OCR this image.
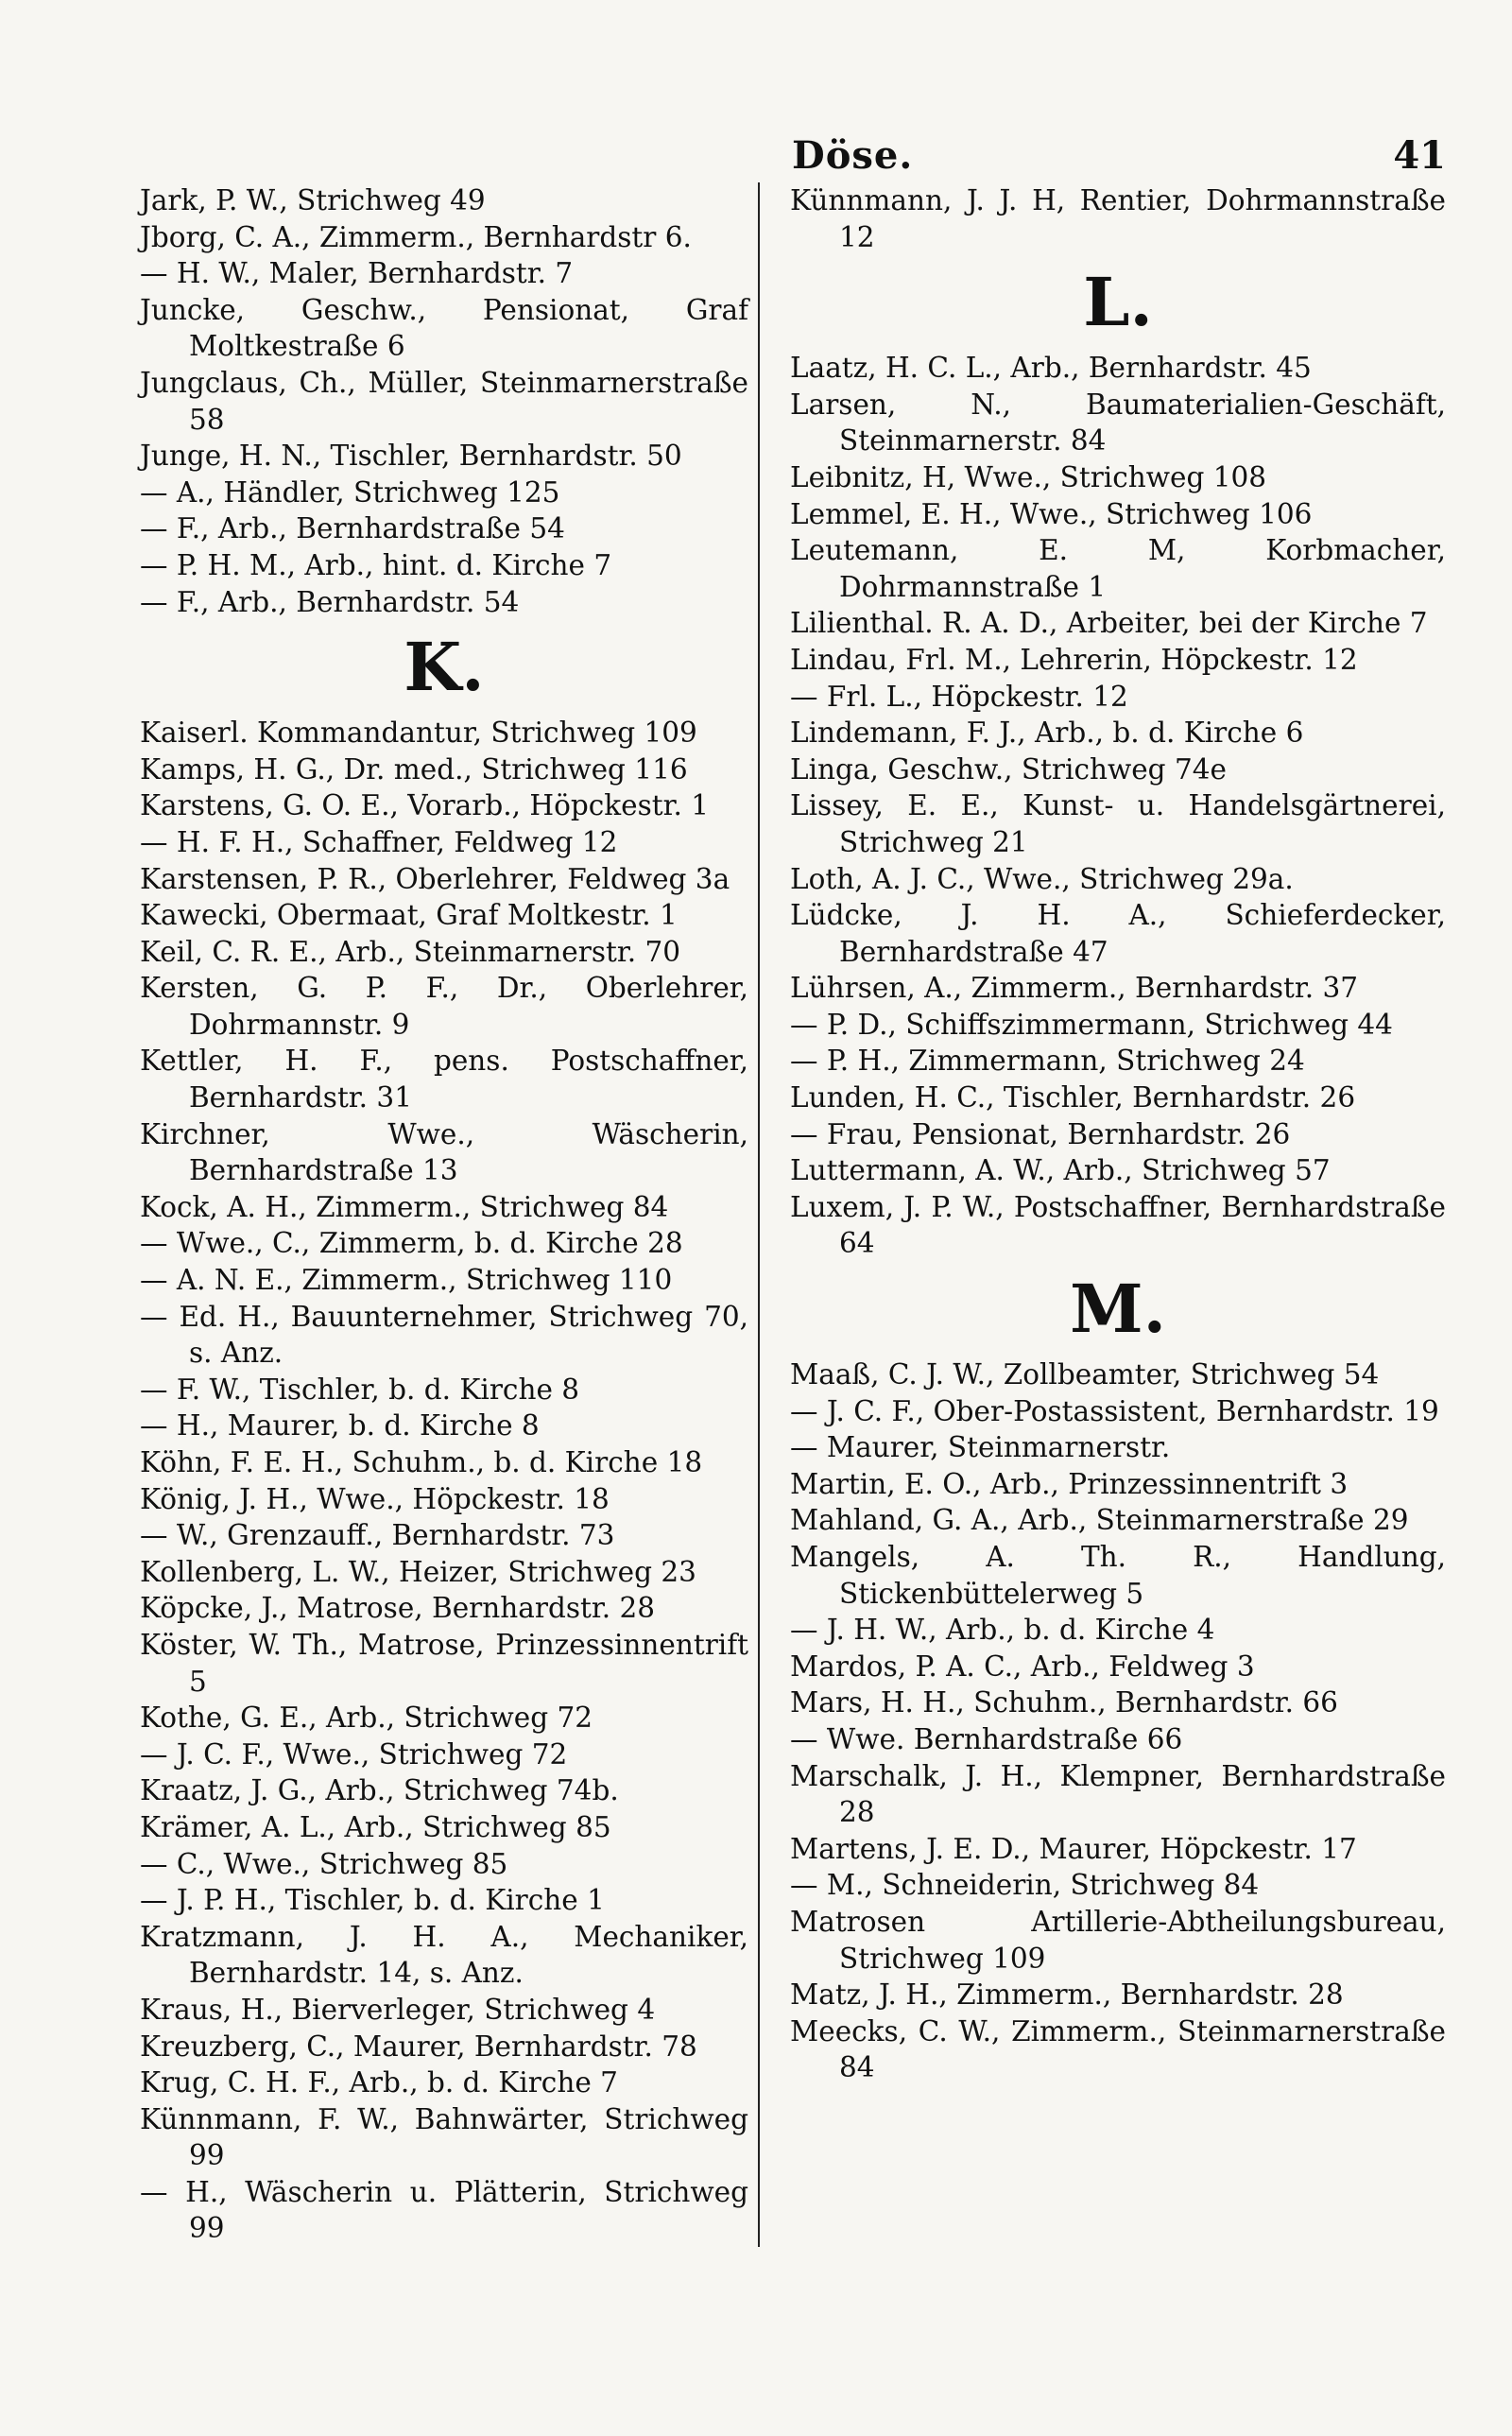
Döse.	41
Jark, P. W., Strichweg 49
Jborg, C. A., Zimmerm., Bernhardstr 6.
— H. W., Maler, Bernhardstr. 7
Juncke, Geschw., Pensionat, Graf Moltkestraße 6
Jungclaus, Ch., Müller, Steinmarnerstraße 58
Junge, H. N., Tischler, Bernhardstr. 50
— A., Händler, Strichweg 125
— F., Arb., Bernhardstraße 54
— P. H. M., Arb., hint. d. Kirche 7
— F., Arb., Bernhardstr. 54
K.
Kaiserl. Kommandantur, Strichweg 109
Kamps, H. G., Dr. med., Strichweg 116
Karstens, G. O. E., Vorarb., Höpckestr. 1
— H. F. H., Schaffner, Feldweg 12
Karstensen, P. R., Oberlehrer, Feldweg 3a
Kawecki, Obermaat, Graf Moltkestr. 1
Keil, C. R. E., Arb., Steinmarnerstr. 70
Kersten, G. P. F., Dr., Oberlehrer, Dohrmannstr. 9
Kettler, H. F., pens. Postschaffner, Bernhardstr. 31
Kirchner, Wwe., Wäscherin, Bernhardstraße 13
Kock, A. H., Zimmerm., Strichweg 84
— Wwe., C., Zimmerm, b. d. Kirche 28
— A. N. E., Zimmerm., Strichweg 110
— Ed. H., Bauunternehmer, Strichweg 70, s. Anz.
— F. W., Tischler, b. d. Kirche 8
— H., Maurer, b. d. Kirche 8
Köhn, F. E. H., Schuhm., b. d. Kirche 18
König, J. H., Wwe., Höpckestr. 18
— W., Grenzauff., Bernhardstr. 73
Kollenberg, L. W., Heizer, Strichweg 23
Köpcke, J., Matrose, Bernhardstr. 28
Köster, W. Th., Matrose, Prinzessinnentrift 5
Kothe, G. E., Arb., Strichweg 72
— J. C. F., Wwe., Strichweg 72
Kraatz, J. G., Arb., Strichweg 74b.
Krämer, A. L., Arb., Strichweg 85
— C., Wwe., Strichweg 85
— J. P. H., Tischler, b. d. Kirche 1
Kratzmann, J. H. A., Mechaniker, Bernhardstr. 14, s. Anz.
Kraus, H., Bierverleger, Strichweg 4
Kreuzberg, C., Maurer, Bernhardstr. 78
Krug, C. H. F., Arb., b. d. Kirche 7
Künnmann, F. W., Bahnwärter, Strichweg 99
— H., Wäscherin u. Plätterin, Strichweg 99
Künnmann, J. J. H, Rentier, Dohrmannstraße 12
L.
Laatz, H. C. L., Arb., Bernhardstr. 45
Larsen, N., Baumaterialien-Geschäft, Steinmarnerstr. 84
Leibnitz, H, Wwe., Strichweg 108
Lemmel, E. H., Wwe., Strichweg 106
Leutemann, E. M, Korbmacher, Dohrmannstraße 1
Lilienthal. R. A. D., Arbeiter, bei der Kirche 7
Lindau, Frl. M., Lehrerin, Höpckestr. 12
— Frl. L., Höpckestr. 12
Lindemann, F. J., Arb., b. d. Kirche 6
Linga, Geschw., Strichweg 74e
Lissey, E. E., Kunst- u. Handelsgärtnerei, Strichweg 21
Loth, A. J. C., Wwe., Strichweg 29a.
Lüdcke, J. H. A., Schieferdecker, Bernhardstraße 47
Lührsen, A., Zimmerm., Bernhardstr. 37
— P. D., Schiffszimmermann, Strichweg 44
— P. H., Zimmermann, Strichweg 24
Lunden, H. C., Tischler, Bernhardstr. 26
— Frau, Pensionat, Bernhardstr. 26
Luttermann, A. W., Arb., Strichweg 57
Luxem, J. P. W., Postschaffner, Bernhardstraße 64
M.
Maaß, C. J. W., Zollbeamter, Strichweg 54
— J. C. F., Ober-Postassistent, Bernhardstr. 19
— Maurer, Steinmarnerstr.
Martin, E. O., Arb., Prinzessinnentrift 3
Mahland, G. A., Arb., Steinmarnerstraße 29
Mangels, A. Th. R., Handlung, Stickenbüttelerweg 5
— J. H. W., Arb., b. d. Kirche 4
Mardos, P. A. C., Arb., Feldweg 3
Mars, H. H., Schuhm., Bernhardstr. 66
— Wwe. Bernhardstraße 66
Marschalk, J. H., Klempner, Bernhardstraße 28
Martens, J. E. D., Maurer, Höpckestr. 17
— M., Schneiderin, Strichweg 84
Matrosen Artillerie-Abtheilungsbureau, Strichweg 109
Matz, J. H., Zimmerm., Bernhardstr. 28
Meecks, C. W., Zimmerm., Steinmarnerstraße 84
